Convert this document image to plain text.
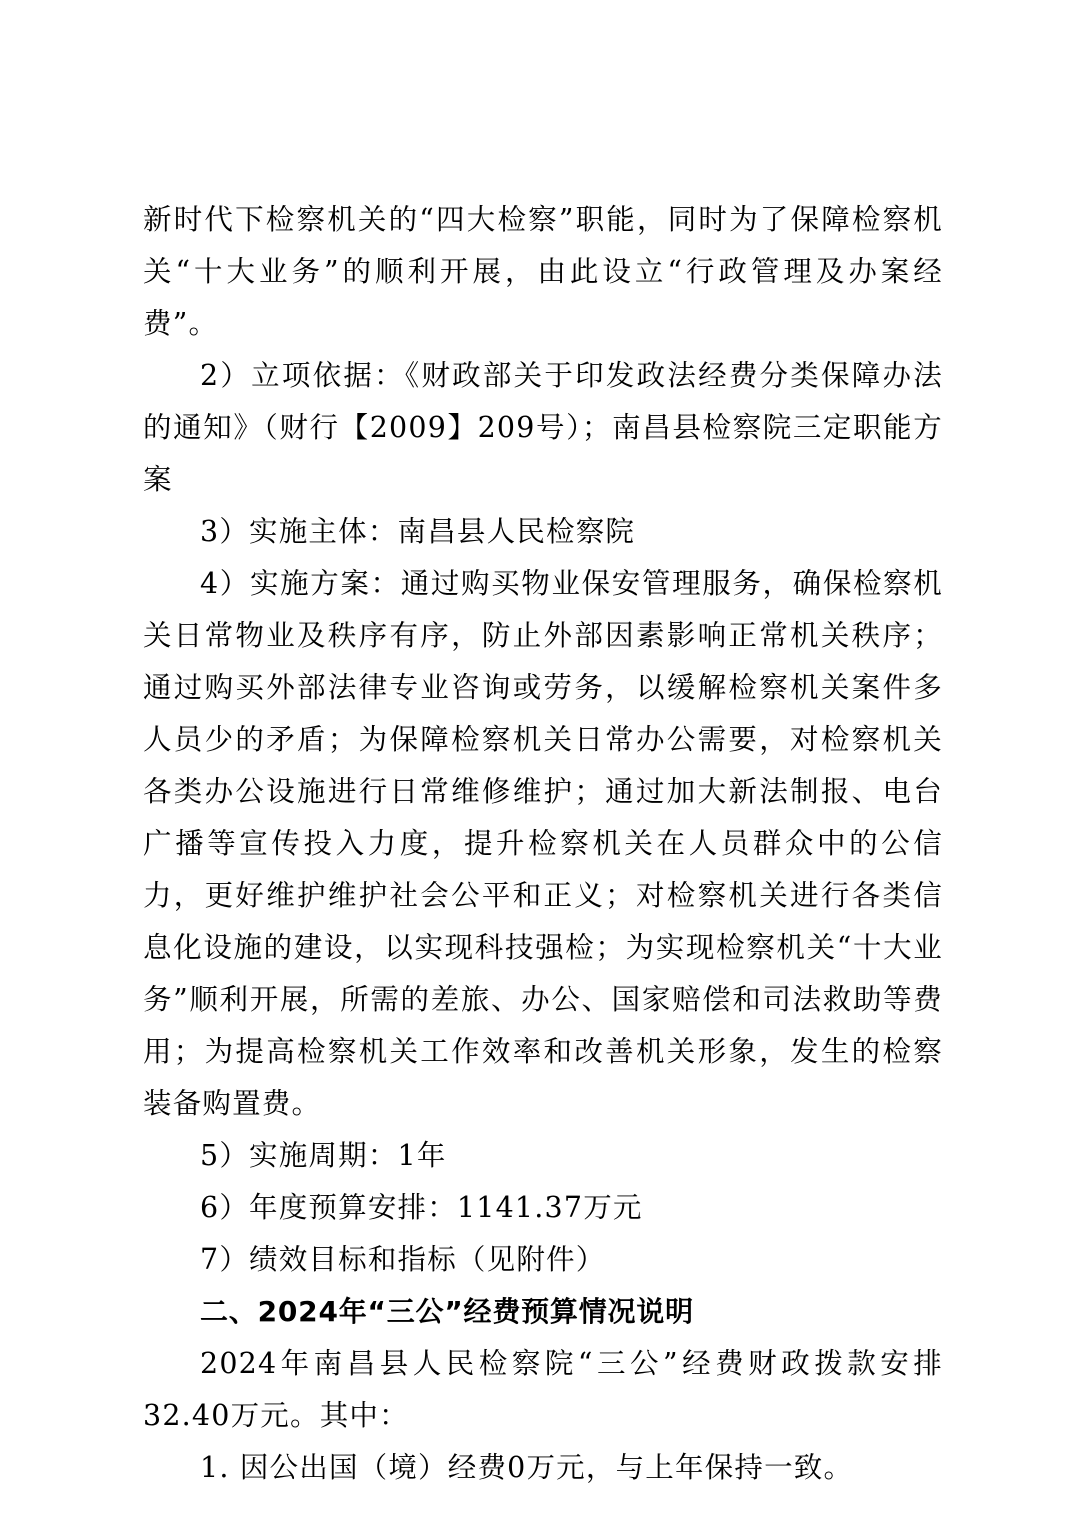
新时代下检察机关的“四大检察”职能，同时为了保障检察机关“十大业务”的顺利开展，由此设立“行政管理及办案经费”。

2）立项依据：《财政部关于印发政法经费分类保障办法的通知》（财行【2009】209号）；南昌县检察院三定职能方案

3）实施主体：南昌县人民检察院

4）实施方案：通过购买物业保安管理服务，确保检察机关日常物业及秩序有序，防止外部因素影响正常机关秩序；通过购买外部法律专业咨询或劳务，以缓解检察机关案件多人员少的矛盾；为保障检察机关日常办公需要，对检察机关各类办公设施进行日常维修维护；通过加大新法制报、电台广播等宣传投入力度，提升检察机关在人员群众中的公信力，更好维护维护社会公平和正义；对检察机关进行各类信息化设施的建设，以实现科技强检；为实现检察机关“十大业务”顺利开展，所需的差旅、办公、国家赔偿和司法救助等费用；为提高检察机关工作效率和改善机关形象，发生的检察装备购置费。

5）实施周期：1年

6）年度预算安排：1141.37万元

7）绩效目标和指标（见附件）

二、2024年“三公”经费预算情况说明

2024年南昌县人民检察院“三公”经费财政拨款安排32.40万元。其中：

1. 因公出国（境）经费0万元，与上年保持一致。
